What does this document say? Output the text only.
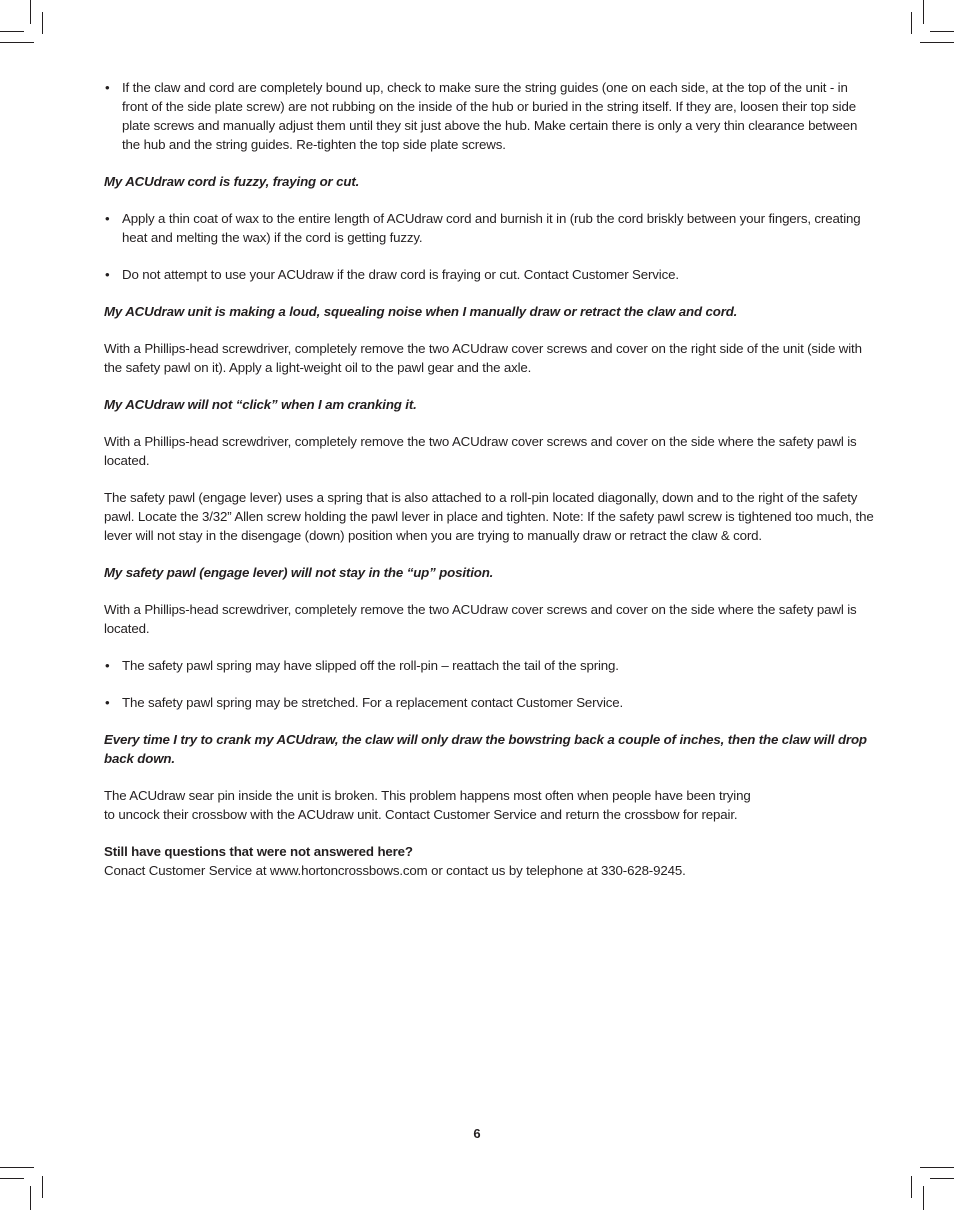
• If the claw and cord are completely bound up, check to make sure the string guides (one on each side, at the top of the unit - in front of the side plate screw) are not rubbing on the inside of the hub or buried in the string itself. If they are, loosen their top side plate screws and manually adjust them until they sit just above the hub. Make certain there is only a very thin clearance between the hub and the string guides. Re-tighten the top side plate screws.
My ACUdraw cord is fuzzy, fraying or cut.
• Apply a thin coat of wax to the entire length of ACUdraw cord and burnish it in (rub the cord briskly between your fingers, creating heat and melting the wax) if the cord is getting fuzzy.
• Do not attempt to use your ACUdraw if the draw cord is fraying or cut. Contact Customer Service.
My ACUdraw unit is making a loud, squealing noise when I manually draw or retract the claw and cord.

With a Phillips-head screwdriver, completely remove the two ACUdraw cover screws and cover on the right side of the unit (side with the safety pawl on it). Apply a light-weight oil to the pawl gear and the axle.

My ACUdraw will not “click” when I am cranking it.

With a Phillips-head screwdriver, completely remove the two ACUdraw cover screws and cover on the side where the safety pawl is located.

The safety pawl (engage lever) uses a spring that is also attached to a roll-pin located diagonally, down and to the right of the safety pawl. Locate the 3/32” Allen screw holding the pawl lever in place and tighten. Note: If the safety pawl screw is tightened too much, the lever will not stay in the disengage (down) position when you are trying to manually draw or retract the claw & cord.

My safety pawl (engage lever) will not stay in the “up” position.

With a Phillips-head screwdriver, completely remove the two ACUdraw cover screws and cover on the side where the safety pawl is located.

• The safety pawl spring may have slipped off the roll-pin – reattach the tail of the spring.
• The safety pawl spring may be stretched. For a replacement contact Customer Service.
Every time I try to crank my ACUdraw, the claw will only draw the bowstring back a couple of inches, then the claw will drop back down.

The ACUdraw sear pin inside the unit is broken. This problem happens most often when people have been trying
to uncock their crossbow with the ACUdraw unit. Contact Customer Service and return the crossbow for repair.

Still have questions that were not answered here?
Conact Customer Service at www.hortoncrossbows.com or contact us by telephone at 330-628-9245.
6
